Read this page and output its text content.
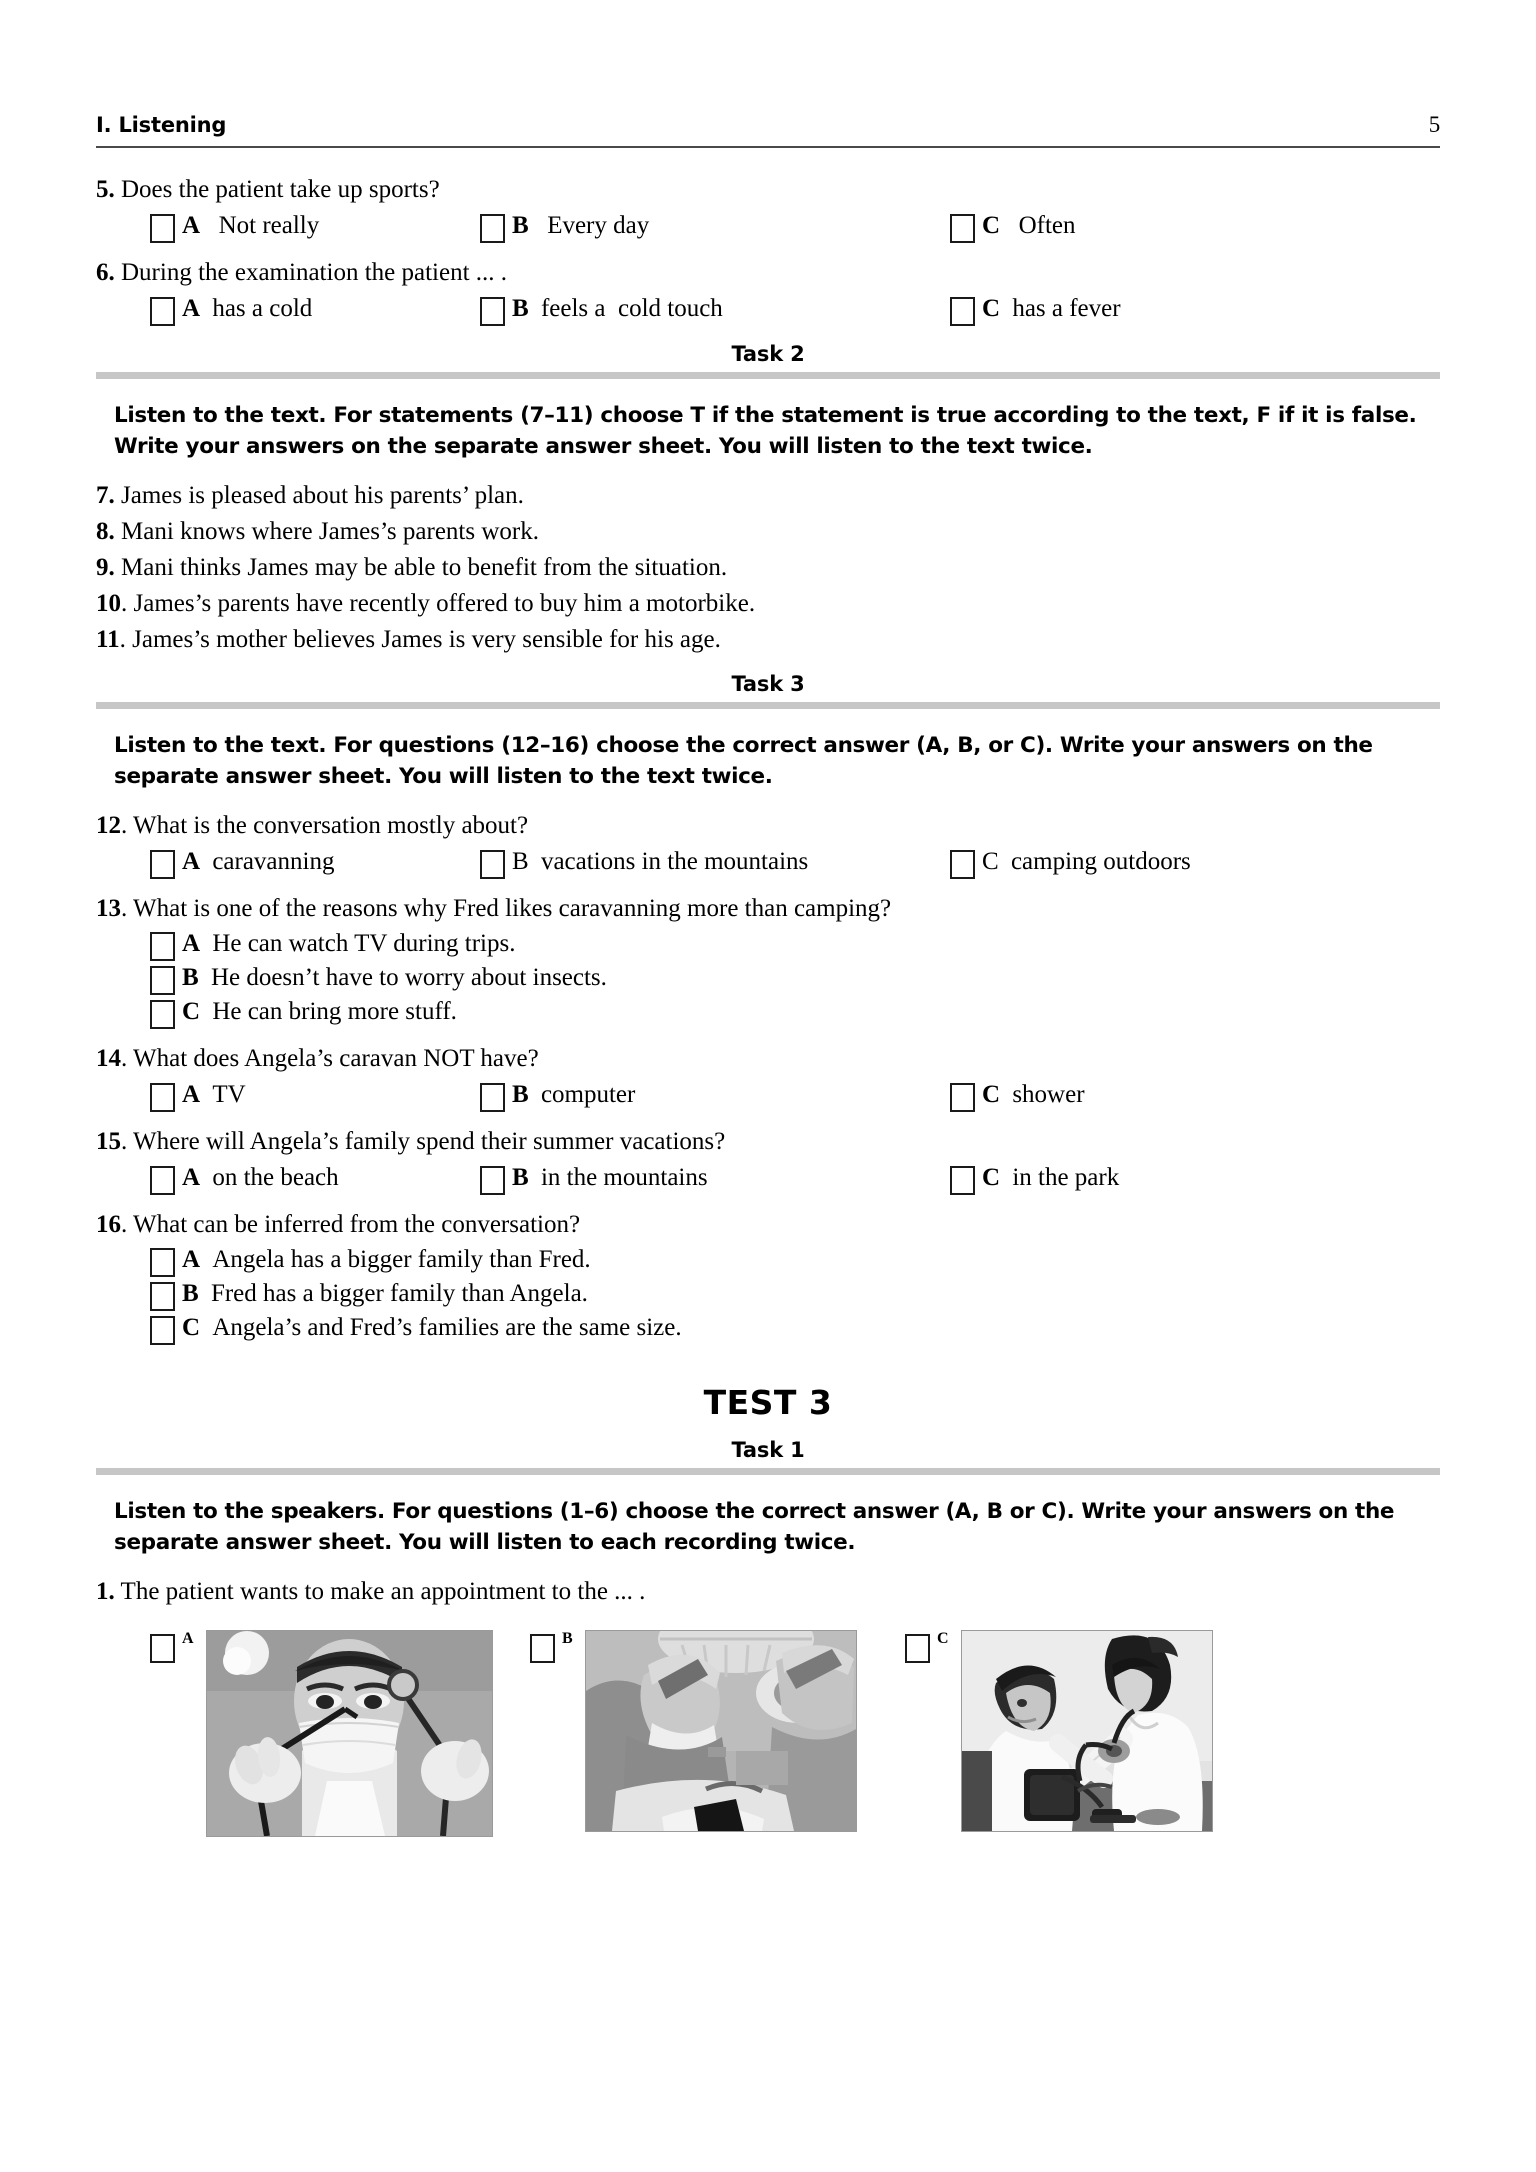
I. Listening	5
5. Does the patient take up sports?
A Not really	B Every day	C Often
6. During the examination the patient ... .
A has a cold	B feels a  cold touch	C has a fever
Task 2
Listen to the text. For statements (7–11) choose T if the statement is true according to the text, F if it is false. Write your answers on the separate answer sheet. You will listen to the text twice.
7. James is pleased about his parents’ plan.
8. Mani knows where James’s parents work.
9. Mani thinks James may be able to benefit from the situation.
10. James’s parents have recently offered to buy him a motorbike.
11. James’s mother believes James is very sensible for his age.
Task 3
Listen to the text. For questions (12–16) choose the correct answer (A, B, or C). Write your answers on the separate answer sheet. You will listen to the text twice.
12. What is the conversation mostly about?
A caravanning	B vacations in the mountains	C camping outdoors
13. What is one of the reasons why Fred likes caravanning more than camping?
A He can watch TV during trips.
B He doesn’t have to worry about insects.
C He can bring more stuff.
14. What does Angela’s caravan NOT have?
A TV	B computer	C shower
15. Where will Angela’s family spend their summer vacations?
A on the beach	B in the mountains	C in the park
16. What can be inferred from the conversation?
A Angela has a bigger family than Fred.
B Fred has a bigger family than Angela.
C Angela’s and Fred’s families are the same size.
TEST 3
Task 1
Listen to the speakers. For questions (1–6) choose the correct answer (A, B or C). Write your answers on the separate answer sheet. You will listen to each recording twice.
1. The patient wants to make an appointment to the ... .
A	B	C
